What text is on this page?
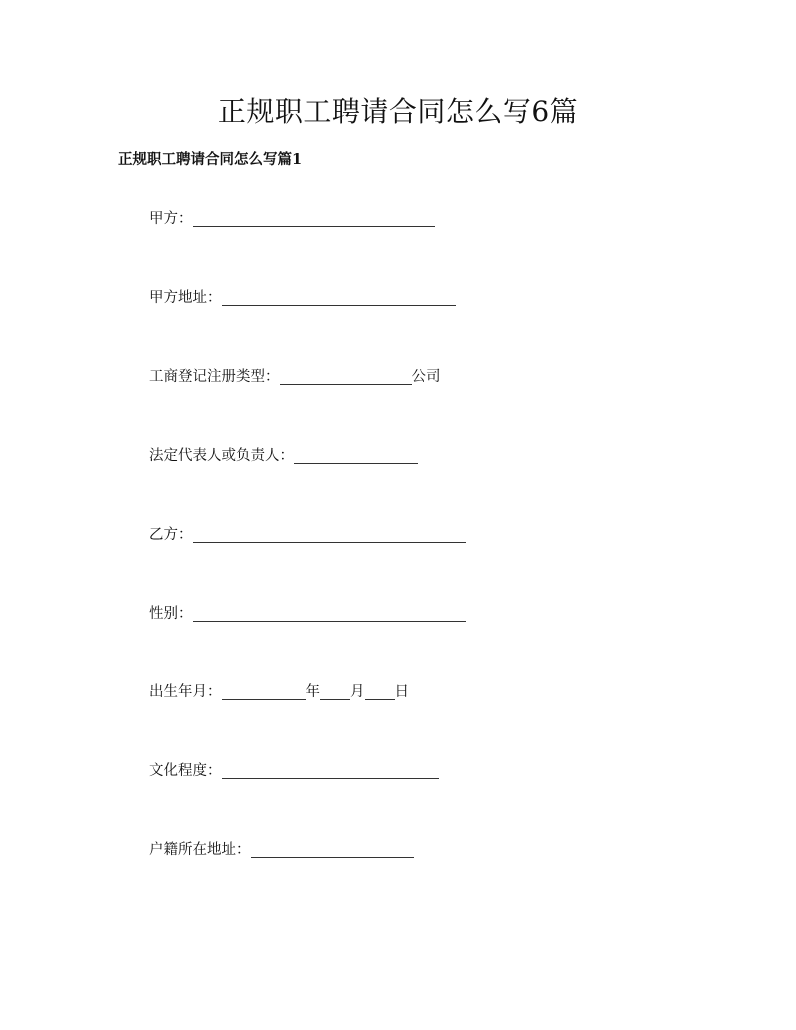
正规职工聘请合同怎么写6篇
正规职工聘请合同怎么写篇1
甲方：
甲方地址：
工商登记注册类型：	公司
法定代表人或负责人：
乙方：
性别：
出生年月：	年 月 日
文化程度：
户籍所在地址：
